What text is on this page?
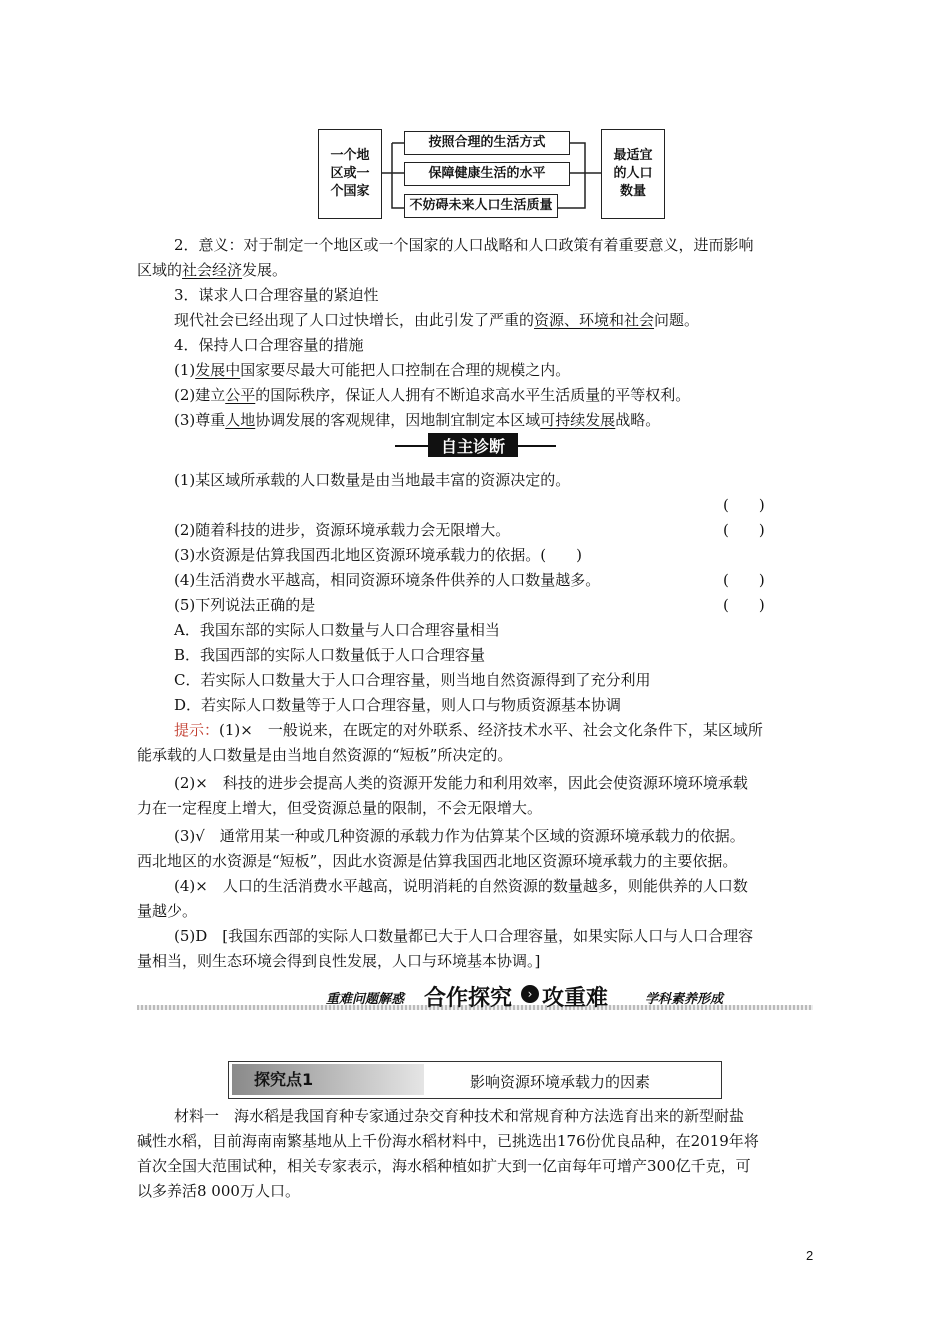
一个地区或一个国家
按照合理的生活方式
保障健康生活的水平
不妨碍未来人口生活质量
最适宜的人口数量
2．意义：对于制定一个地区或一个国家的人口战略和人口政策有着重要意义，进而影响
区域的社会经济发展。
3．谋求人口合理容量的紧迫性
现代社会已经出现了人口过快增长，由此引发了严重的资源、环境和社会问题。
4．保持人口合理容量的措施
(1)发展中国家要尽最大可能把人口控制在合理的规模之内。
(2)建立公平的国际秩序，保证人人拥有不断追求高水平生活质量的平等权利。
(3)尊重人地协调发展的客观规律，因地制宜制定本区域可持续发展战略。
自主诊断
(1)某区域所承载的人口数量是由当地最丰富的资源决定的。
(　　)
(2)随着科技的进步，资源环境承载力会无限增大。	(　　)
(3)水资源是估算我国西北地区资源环境承载力的依据。(　　)
(4)生活消费水平越高，相同资源环境条件供养的人口数量越多。	(　　)
(5)下列说法正确的是	(　　)
A．我国东部的实际人口数量与人口合理容量相当
B．我国西部的实际人口数量低于人口合理容量
C．若实际人口数量大于人口合理容量，则当地自然资源得到了充分利用
D．若实际人口数量等于人口合理容量，则人口与物质资源基本协调
提示：(1)×　一般说来，在既定的对外联系、经济技术水平、社会文化条件下，某区域所
能承载的人口数量是由当地自然资源的“短板”所决定的。
(2)×　科技的进步会提高人类的资源开发能力和利用效率，因此会使资源环境环境承载
力在一定程度上增大，但受资源总量的限制，不会无限增大。
(3)√　通常用某一种或几种资源的承载力作为估算某个区域的资源环境承载力的依据。
西北地区的水资源是“短板”，因此水资源是估算我国西北地区资源环境承载力的主要依据。
(4)×　人口的生活消费水平越高，说明消耗的自然资源的数量越多，则能供养的人口数
量越少。
(5)D　[我国东西部的实际人口数量都已大于人口合理容量，如果实际人口与人口合理容
量相当，则生态环境会得到良性发展，人口与环境基本协调。]
重难问题解惑 合作探究	› 攻重难	学科素养形成
探究点1	影响资源环境承载力的因素
材料一　海水稻是我国育种专家通过杂交育种技术和常规育种方法选育出来的新型耐盐
碱性水稻，目前海南南繁基地从上千份海水稻材料中，已挑选出176份优良品种，在2019年将
首次全国大范围试种，相关专家表示，海水稻种植如扩大到一亿亩每年可增产300亿千克，可
以多养活8 000万人口。
2
